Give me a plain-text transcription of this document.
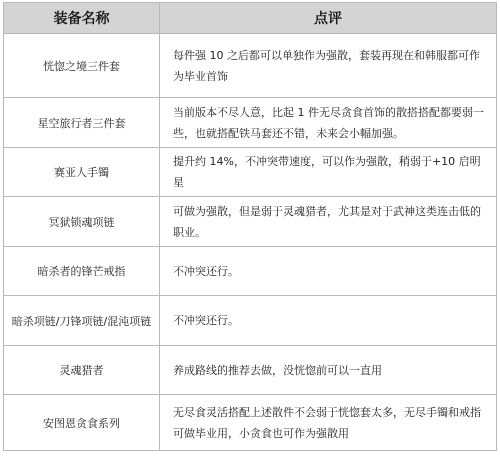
装备名称	点评
恍惚之境三件套	每件强 10 之后都可以单独作为强散，套装再现在和韩服都可作为毕业首饰
星空旅行者三件套	当前版本不尽人意，比起 1 件无尽贪食首饰的散搭搭配都要弱一些，也就搭配铁马套还不错，未来会小幅加强。
赛亚人手镯	提升约 14%，不冲突带速度，可以作为强散，稍弱于+10 启明星
冥狱锁魂项链	可做为强散，但是弱于灵魂猎者，尤其是对于武神这类连击低的职业。
暗杀者的锋芒戒指	不冲突还行。
暗杀项链/刀锋项链/混沌项链	不冲突还行。
灵魂猎者	养成路线的推荐去做，没恍惚前可以一直用
安图恩贪食系列	无尽食灵活搭配上述散件不会弱于恍惚套太多，无尽手镯和戒指可做毕业用，小贪食也可作为强散用
